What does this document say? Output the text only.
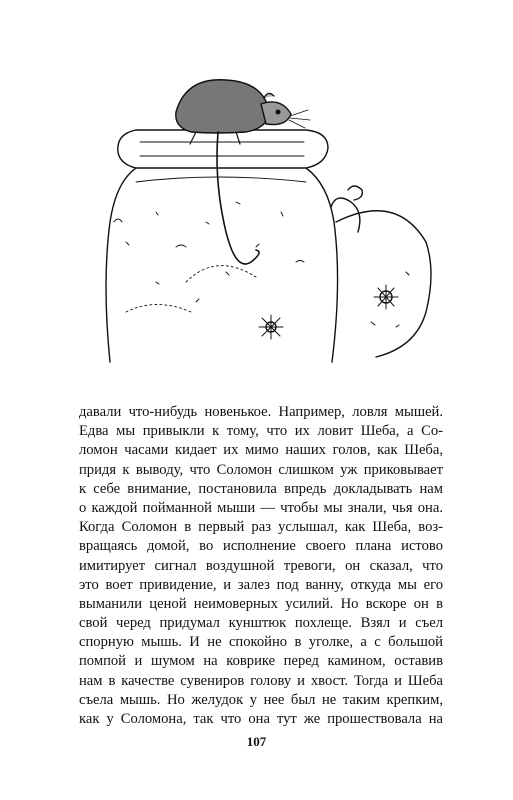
давали что-нибудь новенькое. Например, ловля мышей.
Едва мы привыкли к тому, что их ловит Шеба, а Со-
ломон часами кидает их мимо наших голов, как Шеба,
придя к выводу, что Соломон слишком уж приковывает
к себе внимание, постановила впредь докладывать нам
о каждой пойманной мыши — чтобы мы знали, чья она.
Когда Соломон в первый раз услышал, как Шеба, воз-
вращаясь домой, во исполнение своего плана истово
имитирует сигнал воздушной тревоги, он сказал, что
это воет привидение, и залез под ванну, откуда мы его
выманили ценой неимоверных усилий. Но вскоре он в
свой черед придумал кунштюк похлеще. Взял и съел
спорную мышь. И не спокойно в уголке, а с большой
помпой и шумом на коврике перед камином, оставив
нам в качестве сувениров голову и хвост. Тогда и Шеба
съела мышь. Но желудок у нее был не таким крепким,
как у Соломона, так что она тут же прошествовала на
107
